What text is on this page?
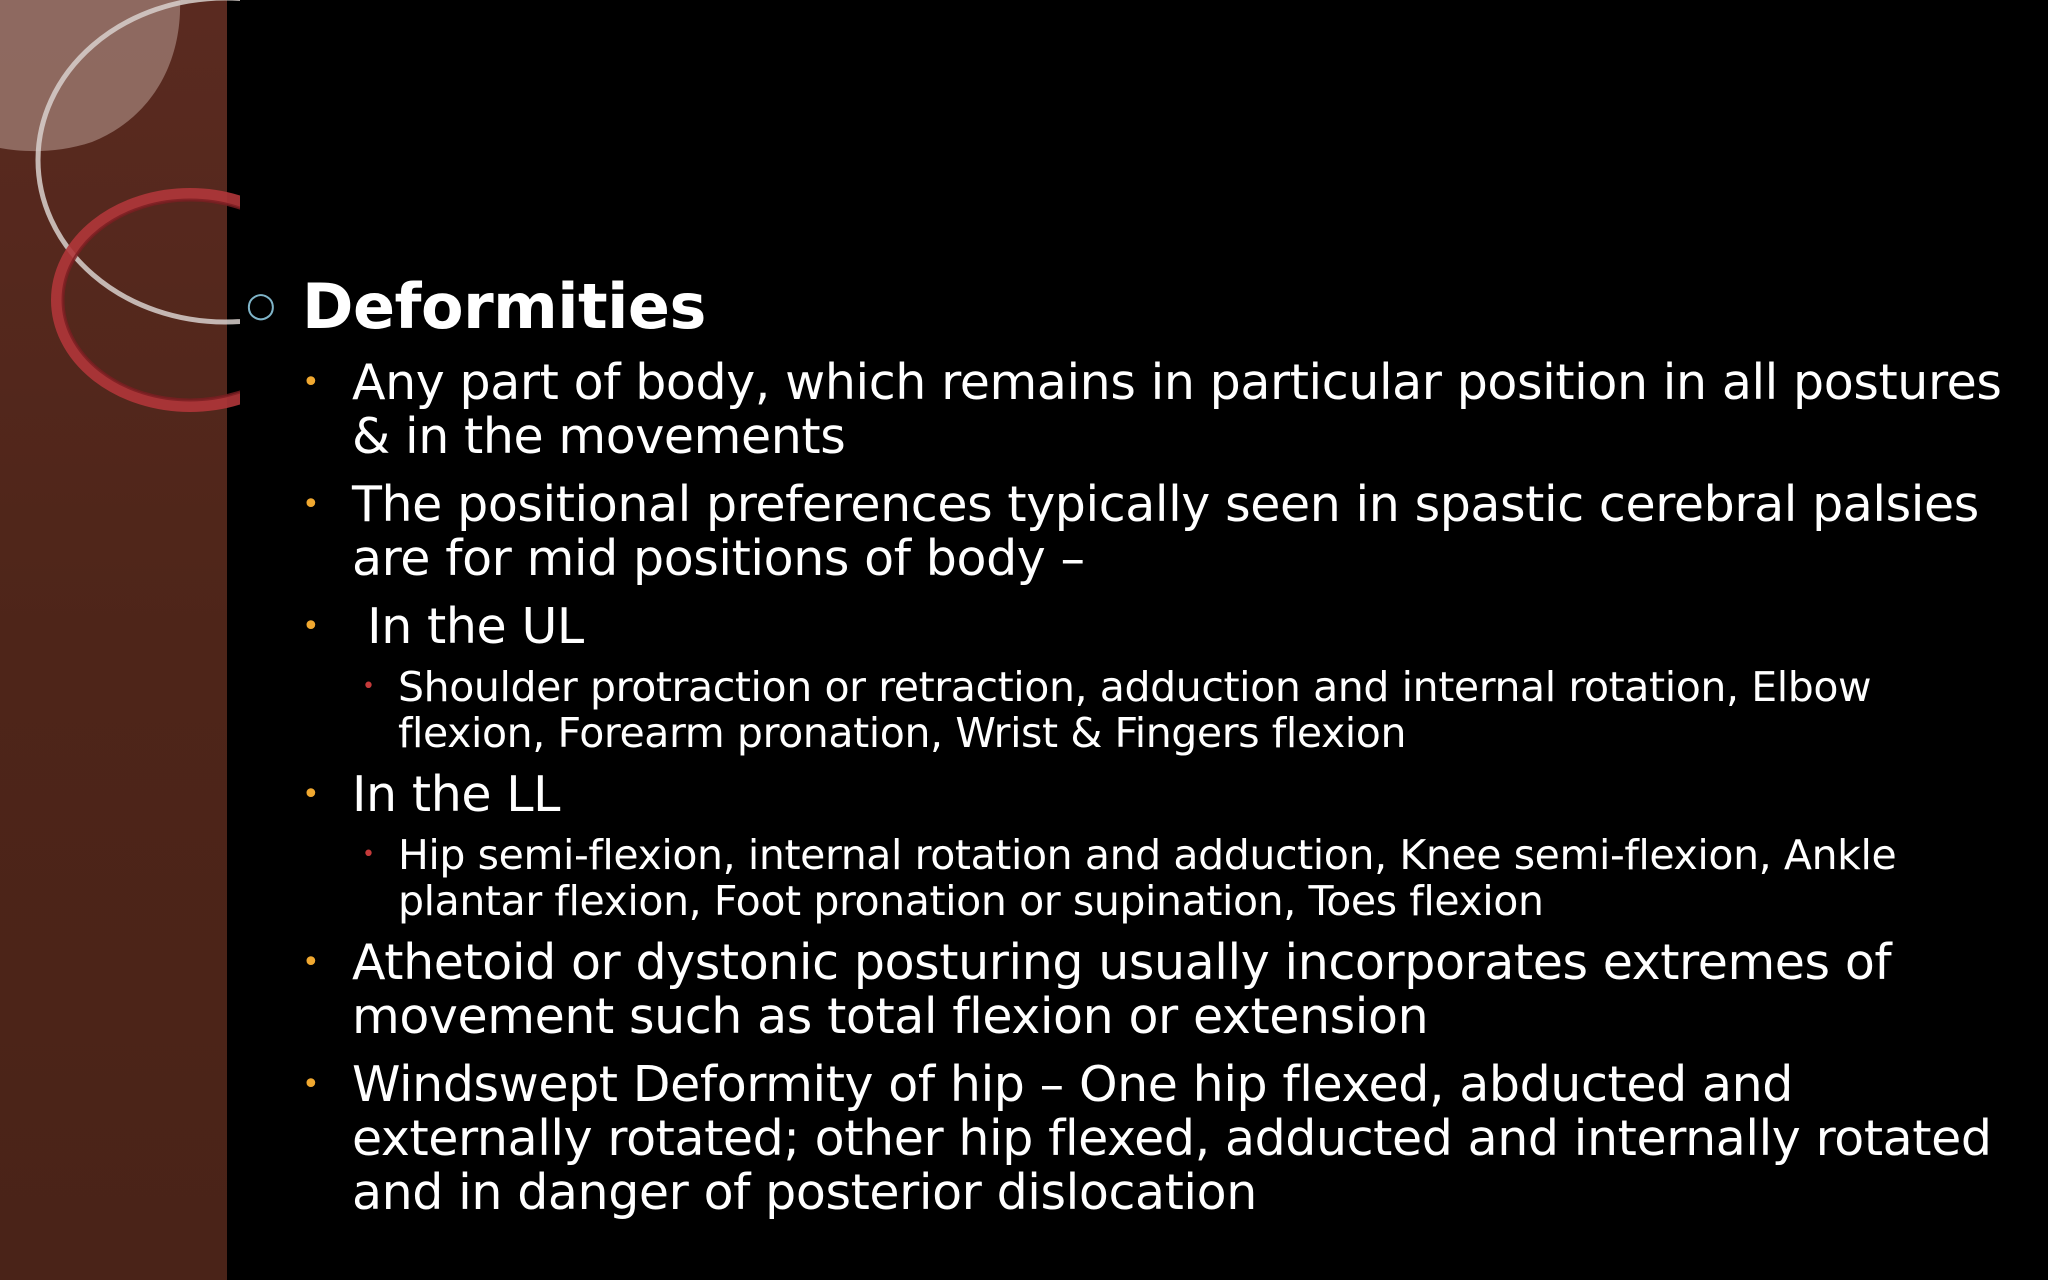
○ Deformities
• Any part of body, which remains in particular position in all postures & in the movements
• The positional preferences typically seen in spastic cerebral palsies are for mid positions of body –
• In the UL
• Shoulder protraction or retraction, adduction and internal rotation, Elbow flexion, Forearm pronation, Wrist & Fingers flexion
• In the LL
• Hip semi-flexion, internal rotation and adduction, Knee semi-flexion, Ankle plantar flexion, Foot pronation or supination, Toes flexion
• Athetoid or dystonic posturing usually incorporates extremes of movement such as total flexion or extension
• Windswept Deformity of hip – One hip flexed, abducted and externally rotated; other hip flexed, adducted and internally rotated and in danger of posterior dislocation
